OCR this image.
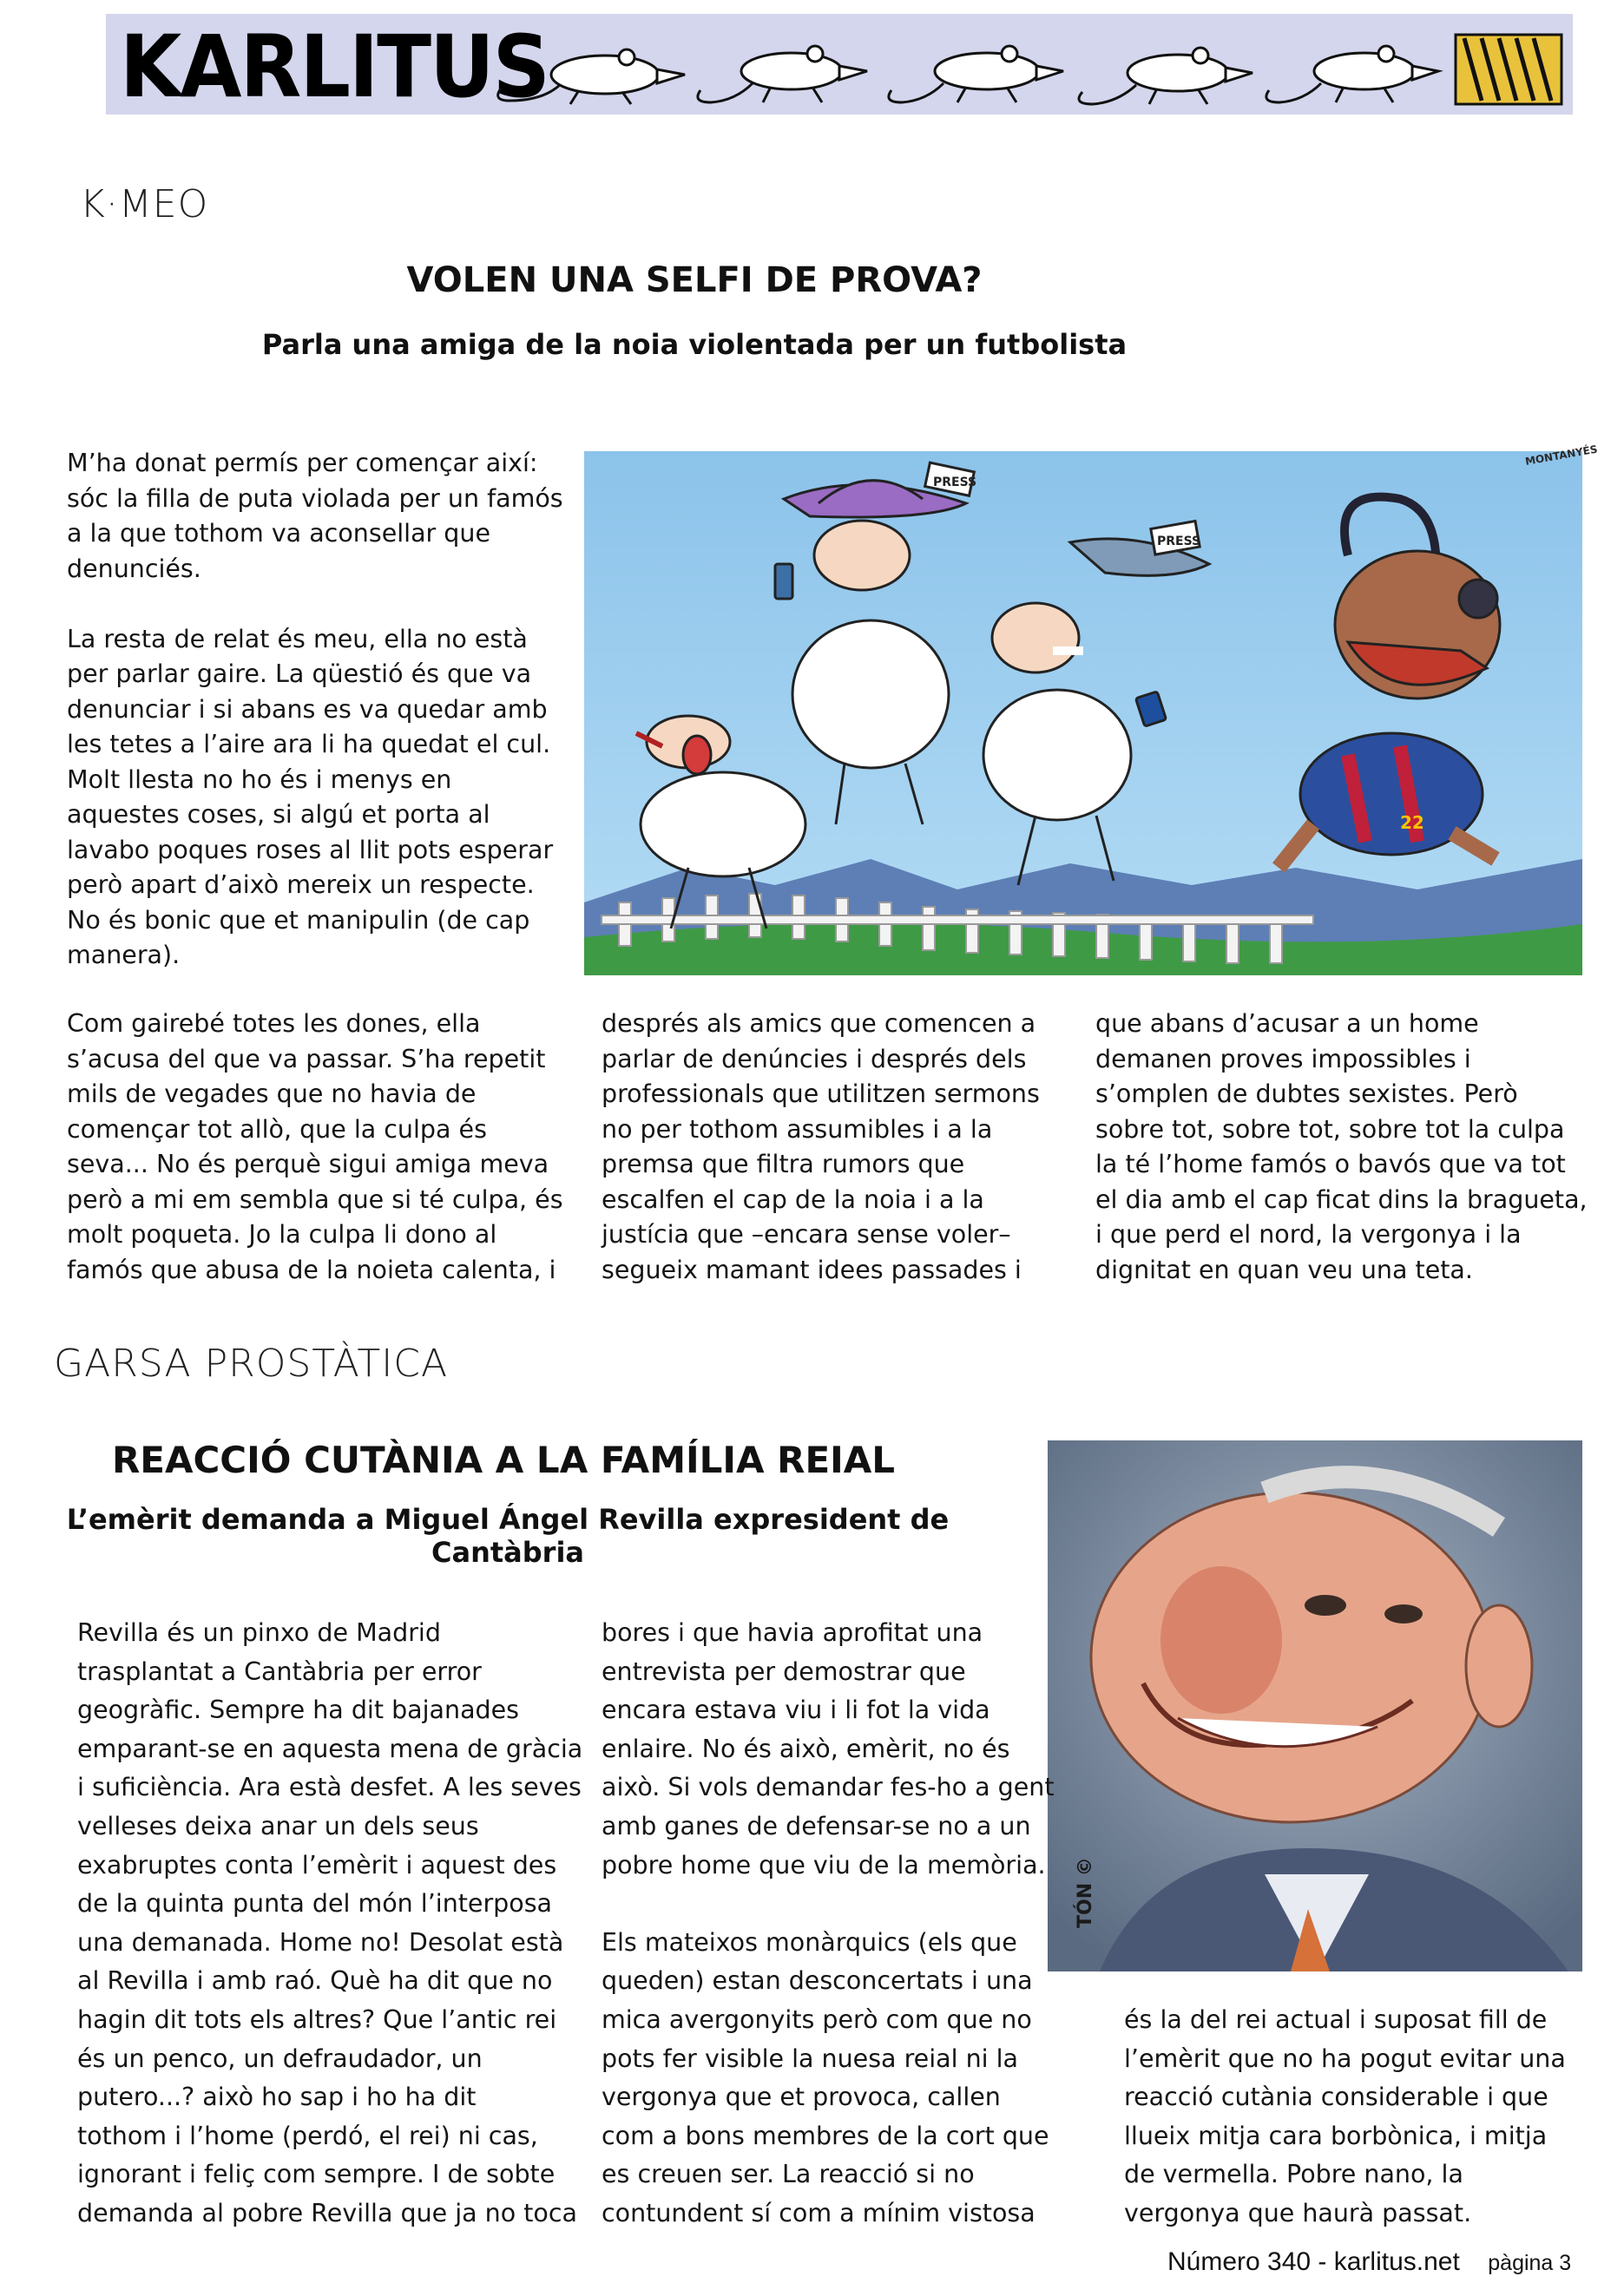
KARLITUS
K·MEO
VOLEN UNA SELFI DE PROVA?
Parla una amiga de la noia violentada per un futbolista
M’ha donat permís per començar així:
sóc la filla de puta violada per un famós
a la que tothom va aconsellar que
denunciés.

La resta de relat és meu, ella no està
per parlar gaire. La qüestió és que va
denunciar i si abans es va quedar amb
les tetes a l’aire ara li ha quedat el cul.
Molt llesta no ho és i menys en
aquestes coses, si algú et porta al
lavabo poques roses al llit pots esperar
però apart d’això mereix un respecte.
No és bonic que et manipulin (de cap
manera).
PRESS
PRESS
22
MONTANYÉS
Com gairebé totes les dones, ella
s’acusa del que va passar. S’ha repetit
mils de vegades que no havia de
començar tot allò, que la culpa és
seva... No és perquè sigui amiga meva
però a mi em sembla que si té culpa, és
molt poqueta. Jo la culpa li dono al
famós que abusa de la noieta calenta, i
després als amics que comencen a
parlar de denúncies i després dels
professionals que utilitzen sermons
no per tothom assumibles i a la
premsa que filtra rumors que
escalfen el cap de la noia i a la
justícia que –encara sense voler–
segueix mamant idees passades i
que abans d’acusar a un home
demanen proves impossibles i
s’omplen de dubtes sexistes. Però
sobre tot, sobre tot, sobre tot la culpa
la té l’home famós o bavós que va tot
el dia amb el cap ficat dins la bragueta,
i que perd el nord, la vergonya i la
dignitat en quan veu una teta.
GARSA PROSTÀTICA
REACCIÓ CUTÀNIA A LA FAMÍLIA REIAL
L’emèrit demanda a Miguel Ángel Revilla expresident de Cantàbria
TÓN ©
Revilla és un pinxo de Madrid
trasplantat a Cantàbria per error
geogràfic. Sempre ha dit bajanades
emparant-se en aquesta mena de gràcia
i suficiència. Ara està desfet. A les seves
velleses deixa anar un dels seus
exabruptes conta l’emèrit i aquest des
de la quinta punta del món l’interposa
una demanada. Home no! Desolat està
al Revilla i amb raó. Què ha dit que no
hagin dit tots els altres? Que l’antic rei
és un penco, un defraudador, un
putero...? això ho sap i ho ha dit
tothom i l’home (perdó, el rei) ni cas,
ignorant i feliç com sempre. I de sobte
demanda al pobre Revilla que ja no toca
bores i que havia aprofitat una
entrevista per demostrar que
encara estava viu i li fot la vida
enlaire. No és això, emèrit, no és
això. Si vols demandar fes-ho a gent
amb ganes de defensar-se no a un
pobre home que viu de la memòria.

Els mateixos monàrquics (els que
queden) estan desconcertats i una
mica avergonyits però com que no
pots fer visible la nuesa reial ni la
vergonya que et provoca, callen
com a bons membres de la cort que
es creuen ser. La reacció si no
contundent sí com a mínim vistosa
és la del rei actual i suposat fill de
l’emèrit que no ha pogut evitar una
reacció cutània considerable i que
llueix mitja cara borbònica, i mitja
de vermella. Pobre nano, la
vergonya que haurà passat.
Número 340 - karlitus.net pàgina 3
